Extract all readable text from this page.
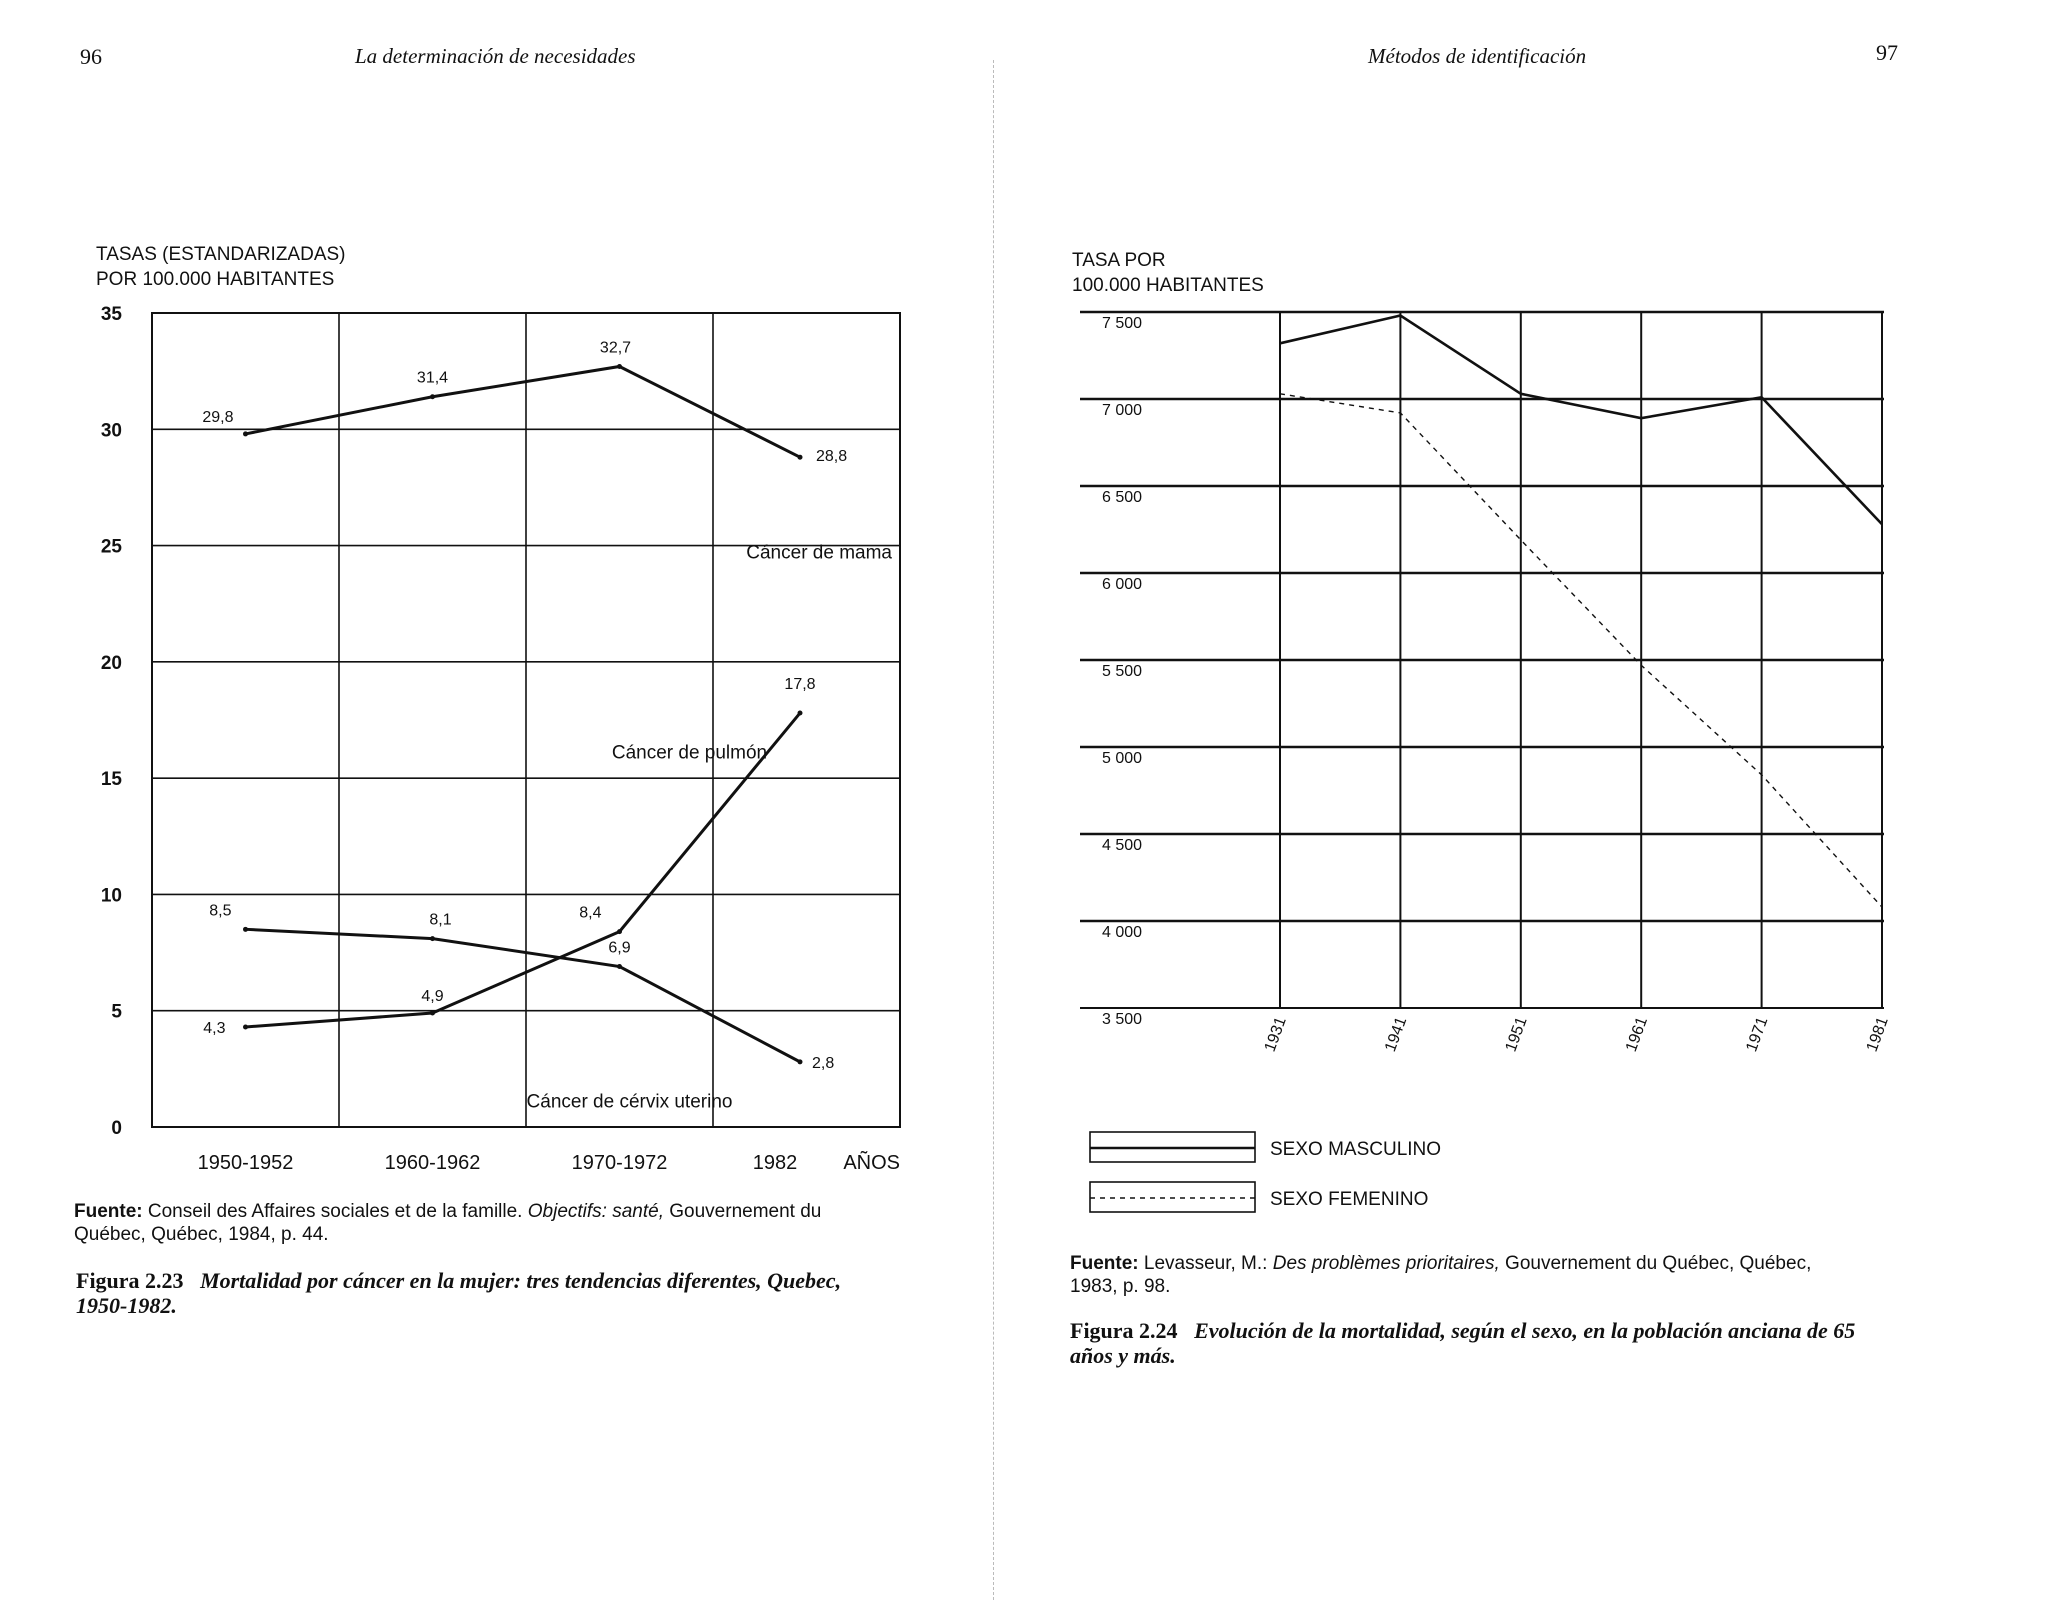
96	La determinación de necesidades
TASAS (ESTANDARIZADAS)
POR 100.000 HABITANTES
0
5
10
15
20
25
30
35
1950-1952	1960-1962	1970-1972	1982 AÑOS
29,8
31,4
32,7
28,8
Cáncer de mama
4,3
4,9
8,4
17,8
Cáncer de pulmón
8,5
8,1
6,9
2,8
Cáncer de cérvix uterino
Fuente: Conseil des Affaires sociales et de la famille. Objectifs: santé, Gouvernement du
Québec, Québec, 1984, p. 44.
Figura 2.23 Mortalidad por cáncer en la mujer: tres tendencias diferentes, Quebec,
1950-1982.
Métodos de identificación	97
TASA POR
100.000 HABITANTES
3 500
4 000
4 500
5 000
5 500
6 000
6 500
7 000
7 500
1931	1941	1951	1961	1971	1981
SEXO MASCULINO
SEXO FEMENINO
Fuente: Levasseur, M.: Des problèmes prioritaires, Gouvernement du Québec, Québec,
1983, p. 98.
Figura 2.24 Evolución de la mortalidad, según el sexo, en la población anciana de 65
años y más.
